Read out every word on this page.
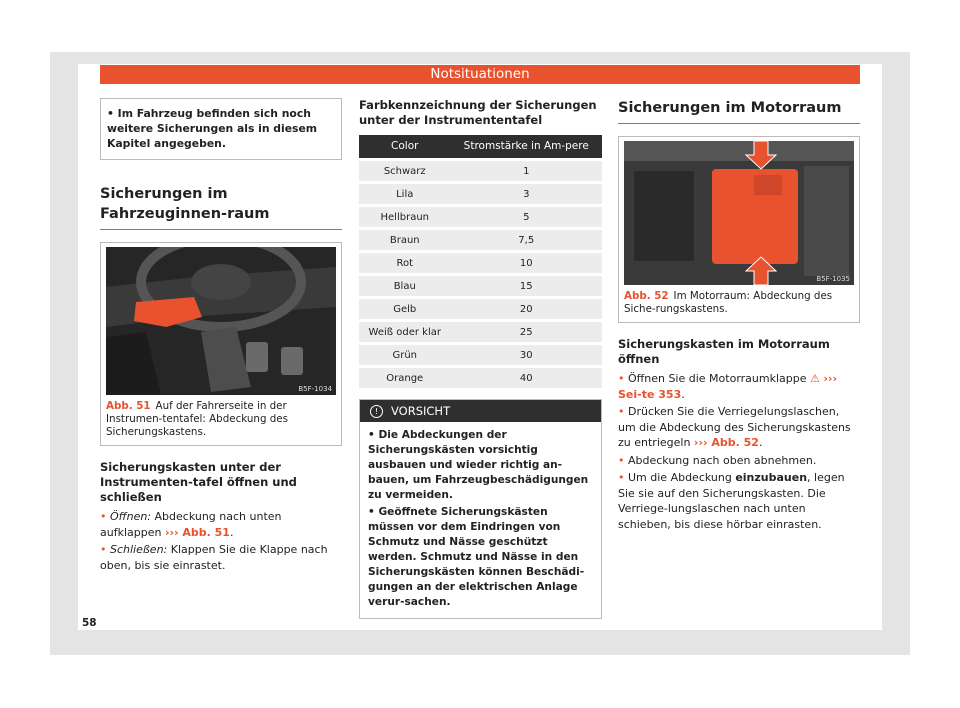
Notsituationen
• Im Fahrzeug befinden sich noch weitere Sicherungen als in diesem Kapitel angegeben.
Sicherungen im Fahrzeuginnen-raum
B5F-1034
Abb. 51 Auf der Fahrerseite in der Instrumen-tentafel: Abdeckung des Sicherungskastens.
Sicherungskasten unter der Instrumenten-tafel öffnen und schließen

• Öffnen: Abdeckung nach unten aufklappen ››› Abb. 51.

• Schließen: Klappen Sie die Klappe nach oben, bis sie einrastet.

Farbkennzeichnung der Sicherungen unter der Instrumententafel
Color	Stromstärke in Am-pere
Schwarz	1
Lila	3
Hellbraun	5
Braun	7,5
Rot	10
Blau	15
Gelb	20
Weiß oder klar	25
Grün	30
Orange	40
! VORSICHT
• Die Abdeckungen der Sicherungskästen vorsichtig ausbauen und wieder richtig an-bauen, um Fahrzeugbeschädigungen zu vermeiden.
• Geöffnete Sicherungskästen müssen vor dem Eindringen von Schmutz und Nässe geschützt werden. Schmutz und Nässe in den Sicherungskästen können Beschädi-gungen an der elektrischen Anlage verur-sachen.
Sicherungen im Motorraum
B5F-1035
Abb. 52 Im Motorraum: Abdeckung des Siche-rungskastens.
Sicherungskasten im Motorraum öffnen

• Öffnen Sie die Motorraumklappe ⚠ ››› Sei-te 353.

• Drücken Sie die Verriegelungslaschen, um die Abdeckung des Sicherungskastens zu entriegeln ››› Abb. 52.

• Abdeckung nach oben abnehmen.

• Um die Abdeckung einzubauen, legen Sie sie auf den Sicherungskasten. Die Verriege-lungslaschen nach unten schieben, bis diese hörbar einrasten.

58
